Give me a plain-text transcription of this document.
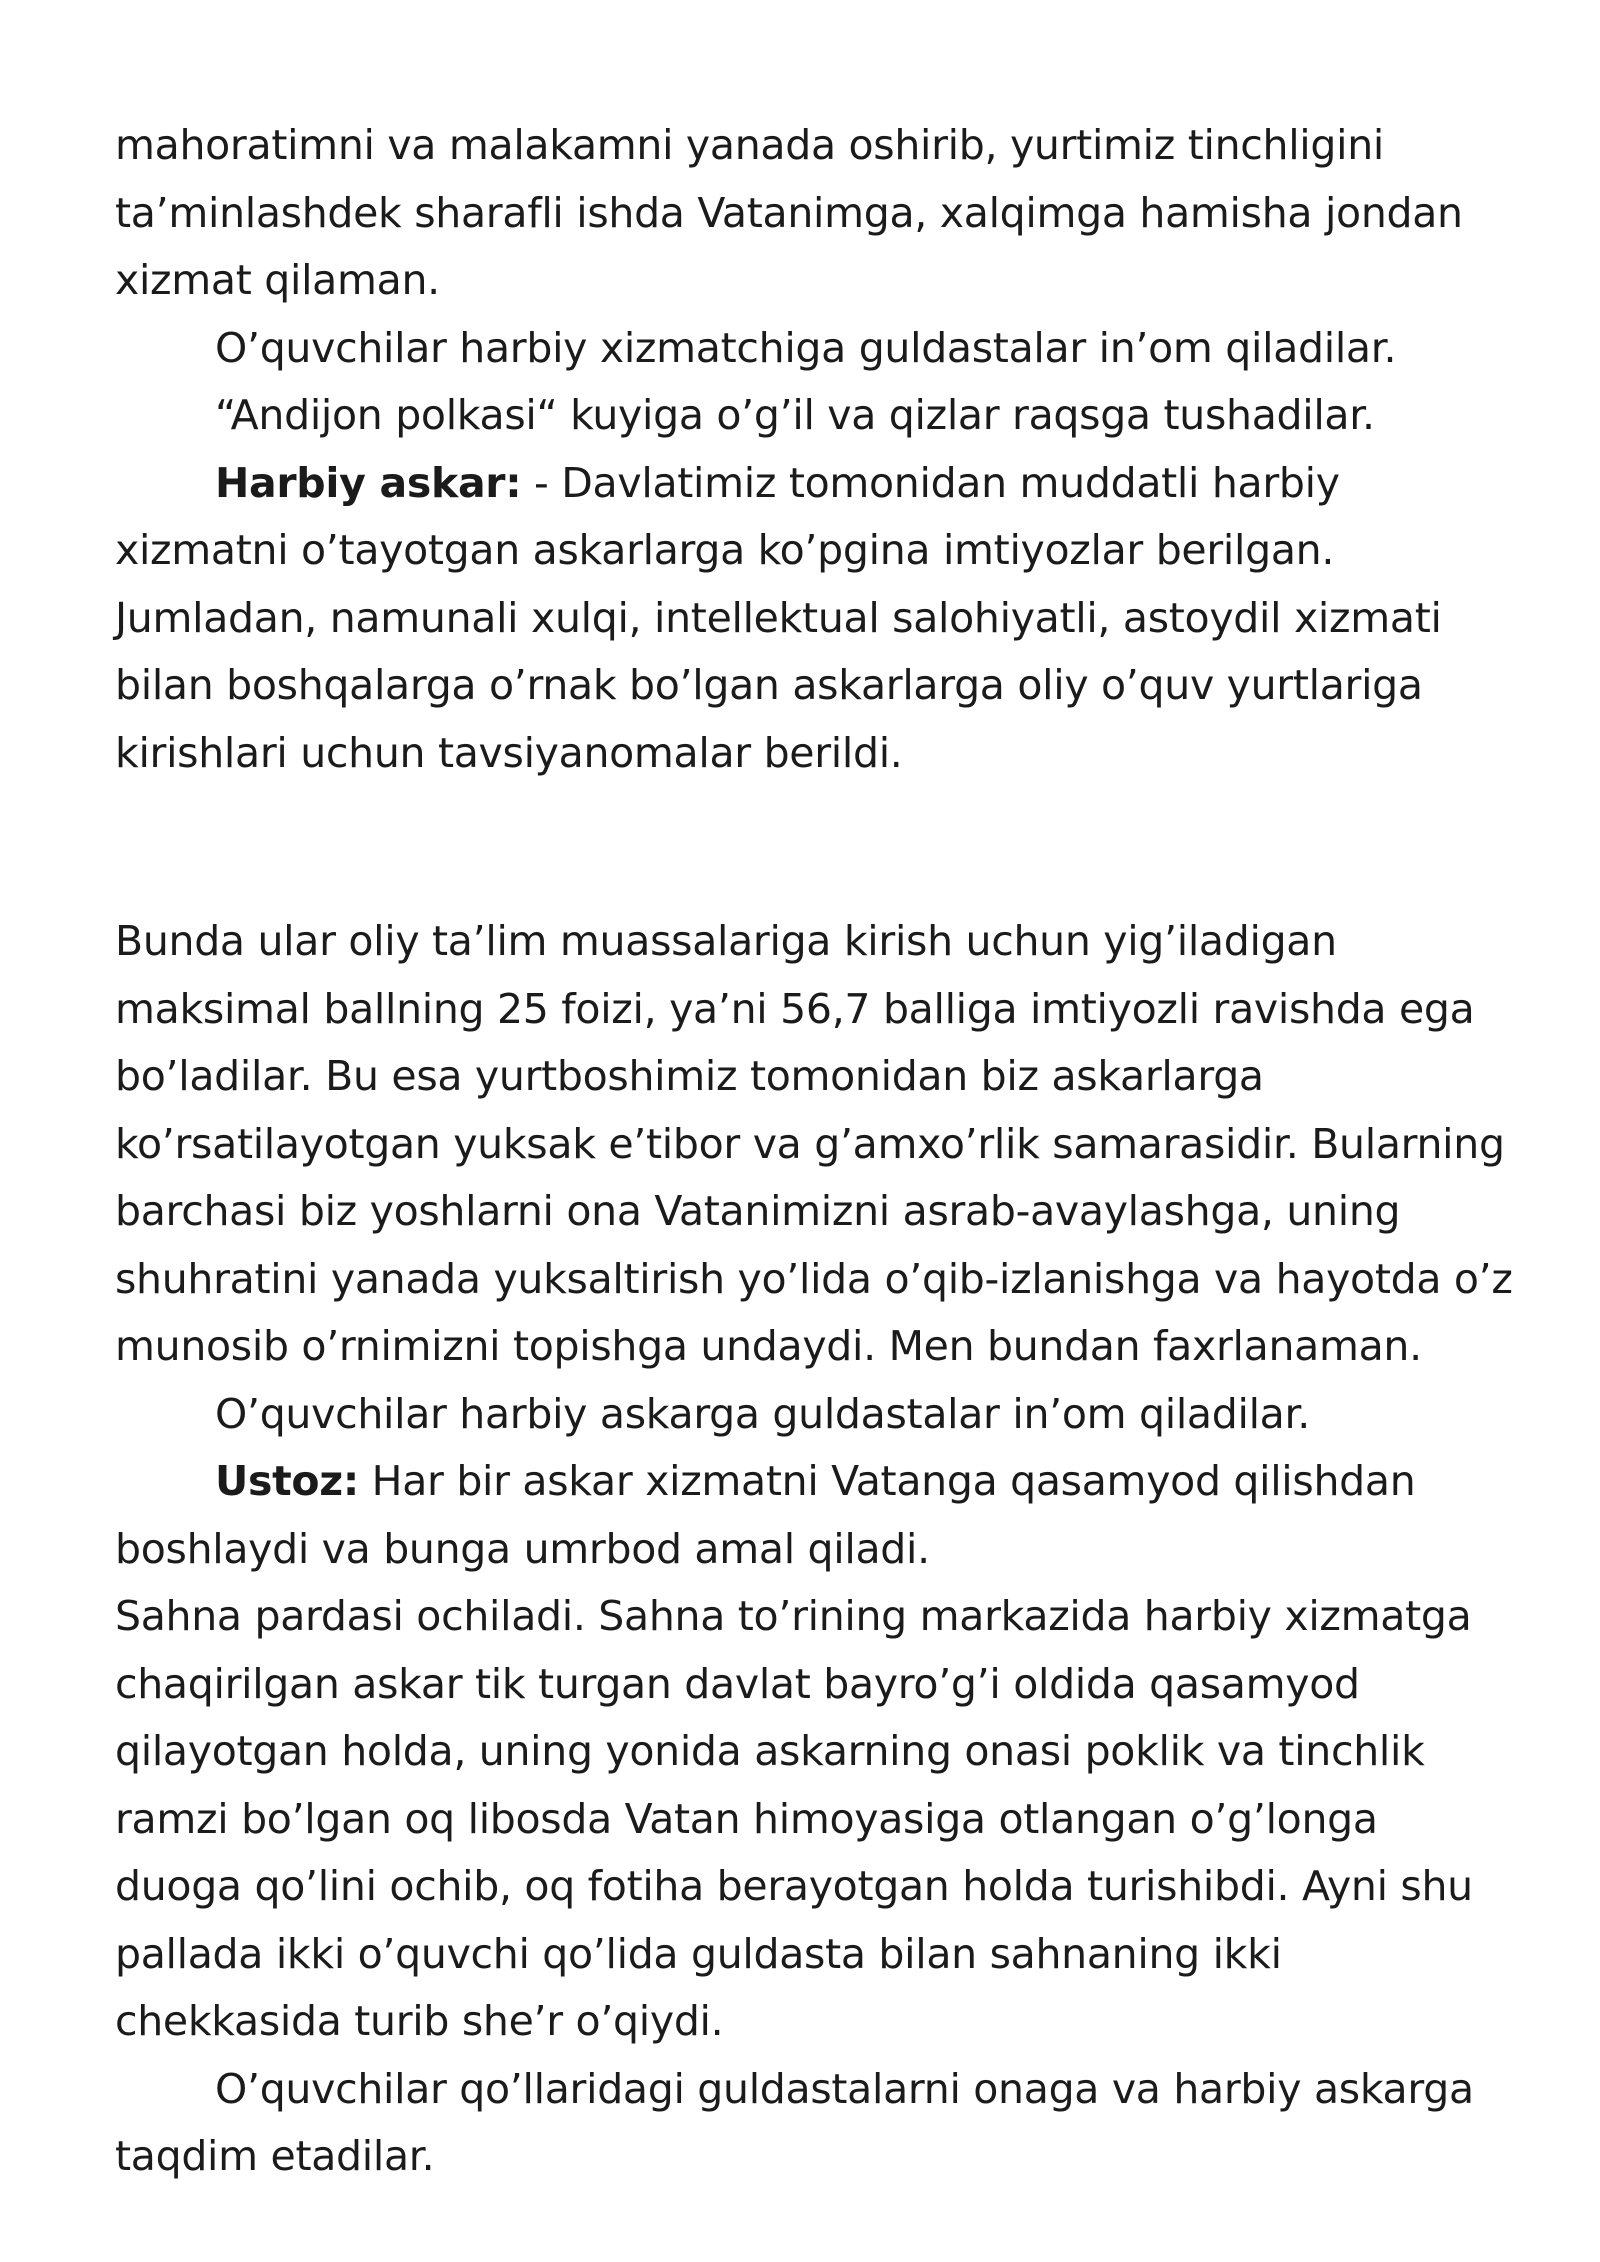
mahoratimni va malakamni yanada oshirib, yurtimiz tinchligini ta’minlashdek sharafli ishda Vatanimga, xalqimga hamisha jondan xizmat qilaman.

O’quvchilar harbiy xizmatchiga guldastalar in’om qiladilar.

“Andijon polkasi“ kuyiga o’g’il va qizlar raqsga tushadilar.

Harbiy askar: - Davlatimiz tomonidan muddatli harbiy xizmatni o’tayotgan askarlarga ko’pgina imtiyozlar berilgan. Jumladan, namunali xulqi, intellektual salohiyatli, astoydil xizmati bilan boshqalarga o’rnak bo’lgan askarlarga oliy o’quv yurtlariga kirishlari uchun tavsiyanomalar berildi.

Bunda ular oliy ta’lim muassalariga kirish uchun yig’iladigan maksimal ballning 25 foizi, ya’ni 56,7 balliga imtiyozli ravishda ega bo’ladilar. Bu esa yurtboshimiz tomonidan biz askarlarga ko’rsatilayotgan yuksak e’tibor va g’amxo’rlik samarasidir. Bularning barchasi biz yoshlarni ona Vatanimizni asrab-avaylashga, uning shuhratini yanada yuksaltirish yo’lida o’qib-izlanishga va hayotda o’z munosib o’rnimizni topishga undaydi. Men bundan faxrlanaman.

O’quvchilar harbiy askarga guldastalar in’om qiladilar.

Ustoz: Har bir askar xizmatni Vatanga qasamyod qilishdan boshlaydi va bunga umrbod amal qiladi.

Sahna pardasi ochiladi. Sahna to’rining markazida harbiy xizmatga chaqirilgan askar tik turgan davlat bayro’g’i oldida qasamyod qilayotgan holda, uning yonida askarning onasi poklik va tinchlik ramzi bo’lgan oq libosda Vatan himoyasiga otlangan o’g’longa duoga qo’lini ochib, oq fotiha berayotgan holda turishibdi. Ayni shu pallada ikki o’quvchi qo’lida guldasta bilan sahnaning ikki chekkasida turib she’r o’qiydi.

O’quvchilar qo’llaridagi guldastalarni onaga va harbiy askarga taqdim etadilar.
